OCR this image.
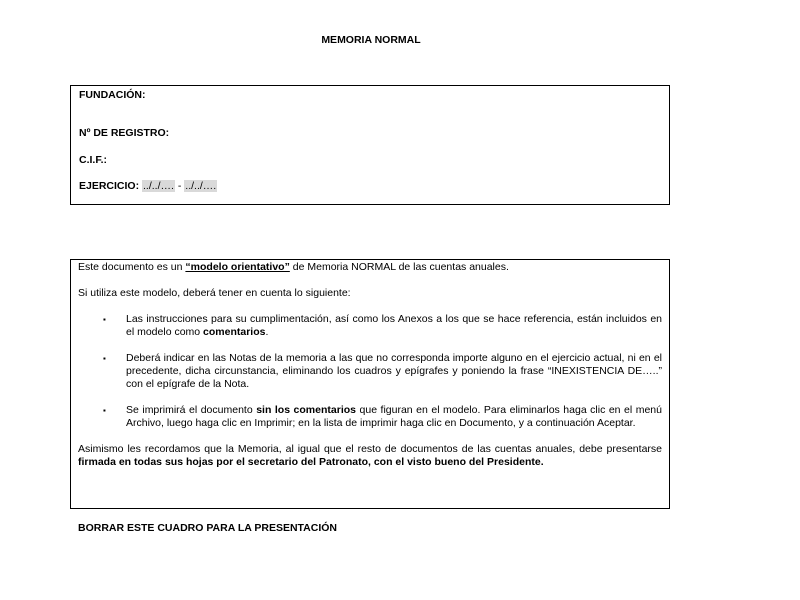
MEMORIA NORMAL
FUNDACIÓN:
Nº DE REGISTRO:
C.I.F.:
EJERCICIO: ../../…. - ../../….

Este documento es un “modelo orientativo” de Memoria NORMAL de las cuentas anuales.

Si utiliza este modelo, deberá tener en cuenta lo siguiente:

▪ Las instrucciones para su cumplimentación, así como los Anexos a los que se hace referencia, están incluidos en el modelo como comentarios.
▪ Deberá indicar en las Notas de la memoria a las que no corresponda importe alguno en el ejercicio actual, ni en el precedente, dicha circunstancia, eliminando los cuadros y epígrafes y poniendo la frase “INEXISTENCIA DE…..” con el epígrafe de la Nota.
▪ Se imprimirá el documento sin los comentarios que figuran en el modelo. Para eliminarlos haga clic en el menú Archivo, luego haga clic en Imprimir; en la lista de imprimir haga clic en Documento, y a continuación Aceptar.

Asimismo les recordamos que la Memoria, al igual que el resto de documentos de las cuentas anuales, debe presentarse firmada en todas sus hojas por el secretario del Patronato, con el visto bueno del Presidente.

BORRAR ESTE CUADRO PARA LA PRESENTACIÓN
